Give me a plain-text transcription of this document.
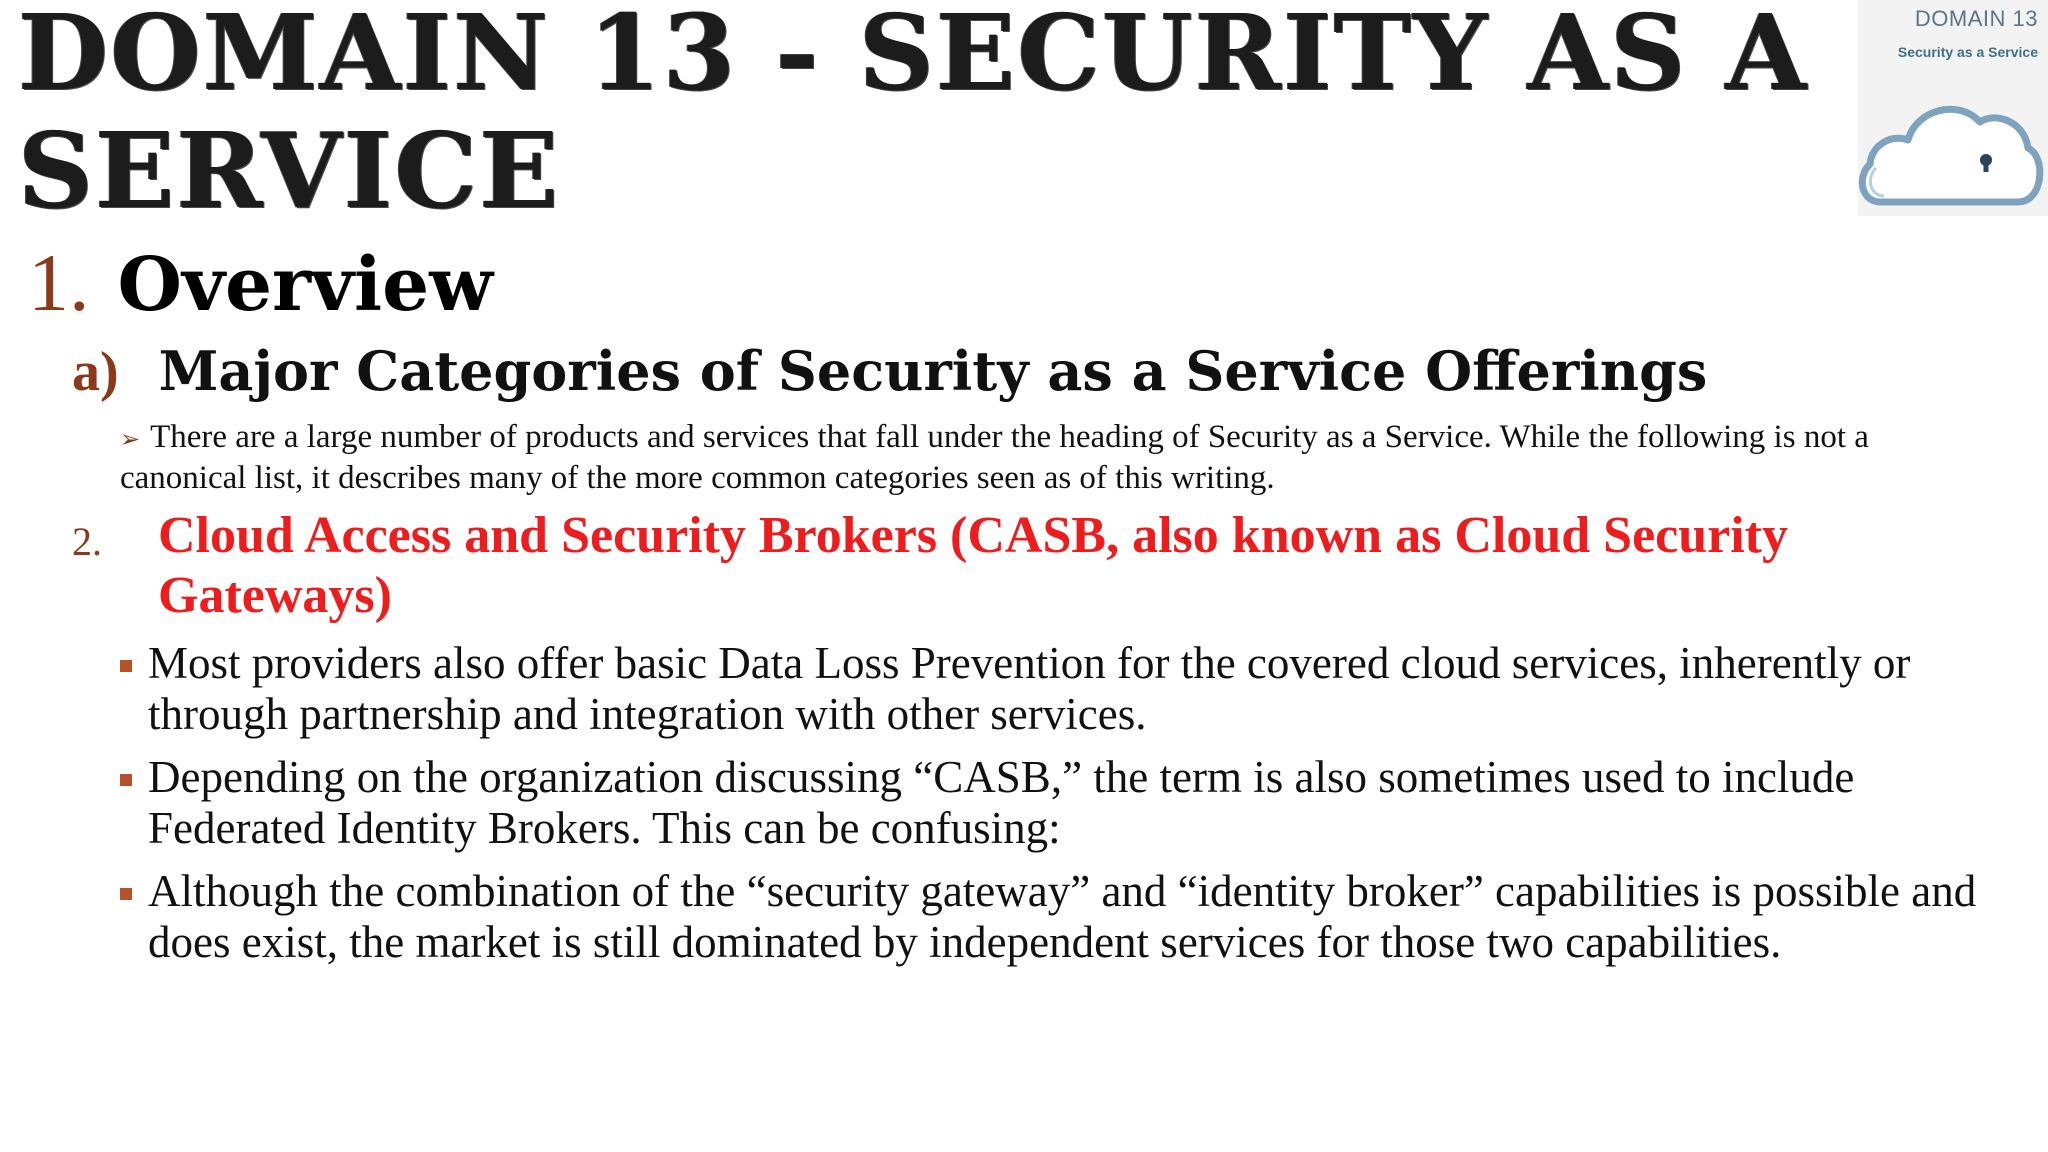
DOMAIN 13 - SECURITY AS A SERVICE
DOMAIN 13
Security as a Service
1. Overview
a) Major Categories of Security as a Service Offerings
➢ There are a large number of products and services that fall under the heading of Security as a Service. While the following is not a canonical list, it describes many of the more common categories seen as of this writing.
2. Cloud Access and Security Brokers (CASB, also known as Cloud Security Gateways)
Most providers also offer basic Data Loss Prevention for the covered cloud services, inherently or through partnership and integration with other services.
Depending on the organization discussing “CASB,” the term is also sometimes used to include Federated Identity Brokers. This can be confusing:
Although the combination of the “security gateway” and “identity broker” capabilities is possible and does exist, the market is still dominated by independent services for those two capabilities.
